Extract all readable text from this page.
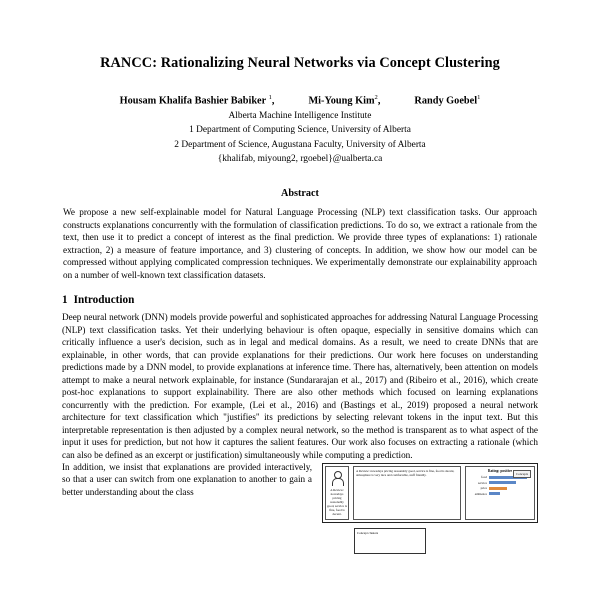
RANCC: Rationalizing Neural Networks via Concept Clustering
Housam Khalifa Bashier Babiker $^1$,	Mi-Young Kim$^2$,	Randy Goebel$^1$
Alberta Machine Intelligence Institute
1 Department of Computing Science, University of Alberta
2 Department of Science, Augustana Faculty, University of Alberta
{khalifab, miyoung2, rgoebel}@ualberta.ca
Abstract
We propose a new self-explainable model for Natural Language Processing (NLP) text classification tasks. Our approach constructs explanations concurrently with the formulation of classification predictions. To do so, we extract a rationale from the text, then use it to predict a concept of interest as the final prediction. We provide three types of explanations: 1) rationale extraction, 2) a measure of feature importance, and 3) clustering of concepts. In addition, we show how our model can be compressed without applying complicated compression techniques. We experimentally demonstrate our explainability approach on a number of well-known text classification datasets.
1 Introduction

Deep neural network (DNN) models provide powerful and sophisticated approaches for addressing Natural Language Processing (NLP) text classification tasks. Yet their underlying behaviour is often opaque, especially in sensitive domains which can critically influence a user's decision, such as in legal and medical domains. As a result, we need to create DNNs that are explainable, in other words, that can provide explanations for their predictions. Our work here focuses on understanding predictions made by a DNN model, to provide explanations at inference time. There has, alternatively, been attention on models attempt to make a neural network explainable, for instance (Sundararajan et al., 2017) and (Ribeiro et al., 2016), which create post-hoc explanations to support explainability. There are also other methods which focused on learning explanations concurrently with the prediction. For example, (Lei et al., 2016) and (Bastings et al., 2019) proposed a neural network architecture for text classification which "justifies" its predictions by selecting relevant tokens in the input text. But this interpretable representation is then adjusted by a complex neural network, so the method is transparent as to what aspect of the input it uses for prediction, but not how it captures the salient features. Our work also focuses on extracting a rationale (which can also be defined as an excerpt or justification) simultaneously while computing a prediction.

In addition, we insist that explanations are provided interactively, so that a user can switch from one explanation to another to gain a better understanding about the class	A Review: nowadays pricing reasonably good, service is fine, food is decent.
A Review: nowadays pricing reasonably good, service is fine, food is decent, atmosphere is very nice and comfortable, staff friendly.
Rating: positive
food
service
price
ambience
Concepts
Concept clusters
